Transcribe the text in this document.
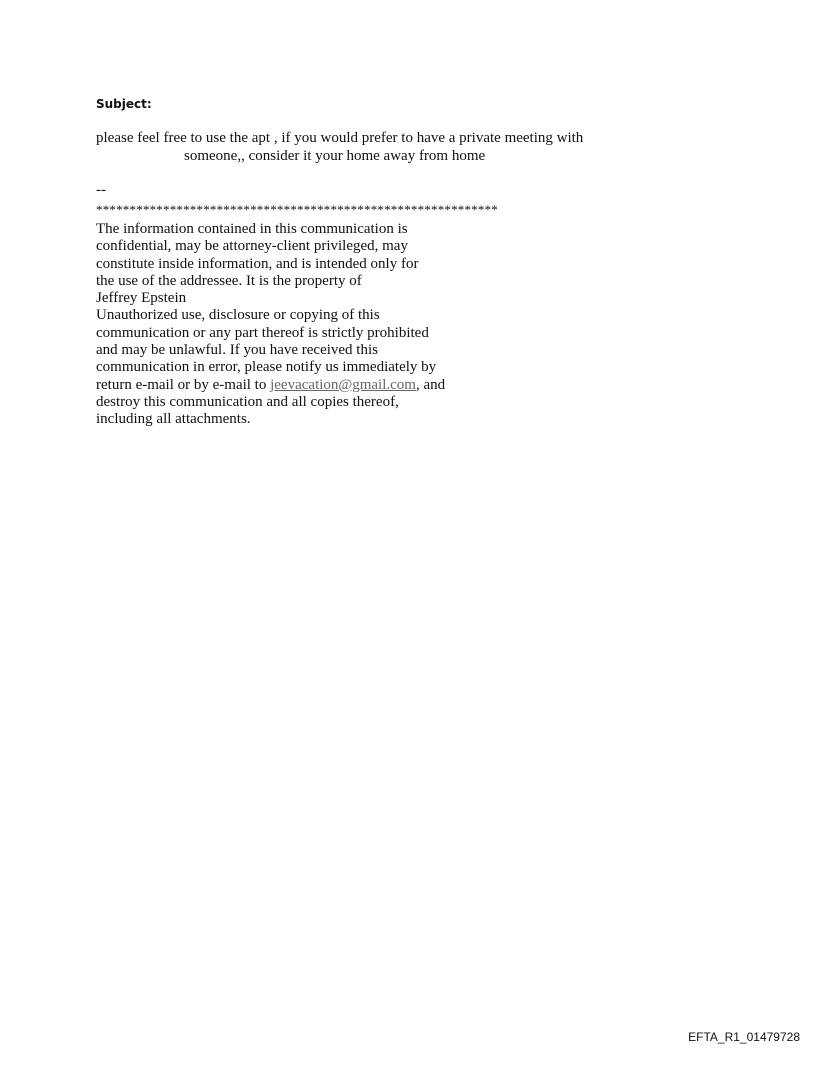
Subject:
please feel free to use the apt , if you would prefer to have a private meeting with
someone,, consider it your home away from home
--
************************************************************
The information contained in this communication is
confidential, may be attorney-client privileged, may
constitute inside information, and is intended only for
the use of the addressee. It is the property of
Jeffrey Epstein
Unauthorized use, disclosure or copying of this
communication or any part thereof is strictly prohibited
and may be unlawful. If you have received this
communication in error, please notify us immediately by
return e-mail or by e-mail to jeevacation@gmail.com, and
destroy this communication and all copies thereof,
including all attachments.
EFTA_R1_01479728
